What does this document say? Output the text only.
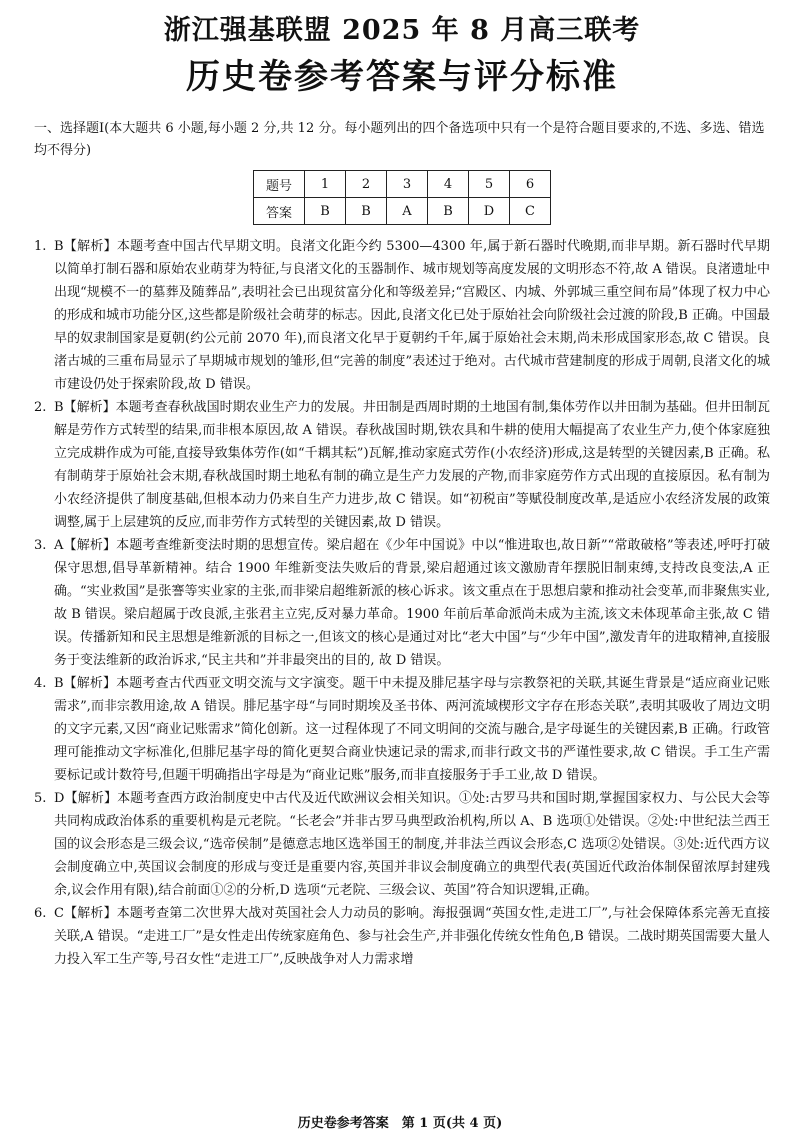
浙江强基联盟 2025 年 8 月高三联考
历史卷参考答案与评分标准
一、选择题Ⅰ(本大题共 6 小题,每小题 2 分,共 12 分。每小题列出的四个备选项中只有一个是符合题目要求的,不选、多选、错选均不得分)
题号	1	2	3	4	5	6
答案	B	B	A	B	D	C
1. B【解析】本题考查中国古代早期文明。良渚文化距今约 5300—4300 年,属于新石器时代晚期,而非早期。新石器时代早期以简单打制石器和原始农业萌芽为特征,与良渚文化的玉器制作、城市规划等高度发展的文明形态不符,故 A 错误。良渚遗址中出现“规模不一的墓葬及随葬品”,表明社会已出现贫富分化和等级差异;“宫殿区、内城、外郭城三重空间布局”体现了权力中心的形成和城市功能分区,这些都是阶级社会萌芽的标志。因此,良渚文化已处于原始社会向阶级社会过渡的阶段,B 正确。中国最早的奴隶制国家是夏朝(约公元前 2070 年),而良渚文化早于夏朝约千年,属于原始社会末期,尚未形成国家形态,故 C 错误。良渚古城的三重布局显示了早期城市规划的雏形,但“完善的制度”表述过于绝对。古代城市营建制度的形成于周朝,良渚文化的城市建设仍处于探索阶段,故 D 错误。
2. B【解析】本题考查春秋战国时期农业生产力的发展。井田制是西周时期的土地国有制,集体劳作以井田制为基础。但井田制瓦解是劳作方式转型的结果,而非根本原因,故 A 错误。春秋战国时期,铁农具和牛耕的使用大幅提高了农业生产力,使个体家庭独立完成耕作成为可能,直接导致集体劳作(如“千耦其耘”)瓦解,推动家庭式劳作(小农经济)形成,这是转型的关键因素,B 正确。私有制萌芽于原始社会末期,春秋战国时期土地私有制的确立是生产力发展的产物,而非家庭劳作方式出现的直接原因。私有制为小农经济提供了制度基础,但根本动力仍来自生产力进步,故 C 错误。如“初税亩”等赋役制度改革,是适应小农经济发展的政策调整,属于上层建筑的反应,而非劳作方式转型的关键因素,故 D 错误。
3. A【解析】本题考查维新变法时期的思想宣传。梁启超在《少年中国说》中以“惟进取也,故日新”“常敢破格”等表述,呼吁打破保守思想,倡导革新精神。结合 1900 年维新变法失败后的背景,梁启超通过该文激励青年摆脱旧制束缚,支持改良变法,A 正确。“实业救国”是张謇等实业家的主张,而非梁启超维新派的核心诉求。该文重点在于思想启蒙和推动社会变革,而非聚焦实业,故 B 错误。梁启超属于改良派,主张君主立宪,反对暴力革命。1900 年前后革命派尚未成为主流,该文未体现革命主张,故 C 错误。传播新知和民主思想是维新派的目标之一,但该文的核心是通过对比“老大中国”与“少年中国”,激发青年的进取精神,直接服务于变法维新的政治诉求,“民主共和”并非最突出的目的, 故 D 错误。
4. B【解析】本题考查古代西亚文明交流与文字演变。题干中未提及腓尼基字母与宗教祭祀的关联,其诞生背景是“适应商业记账需求”,而非宗教用途,故 A 错误。腓尼基字母“与同时期埃及圣书体、两河流域楔形文字存在形态关联”,表明其吸收了周边文明的文字元素,又因“商业记账需求”简化创新。这一过程体现了不同文明间的交流与融合,是字母诞生的关键因素,B 正确。行政管理可能推动文字标准化,但腓尼基字母的简化更契合商业快速记录的需求,而非行政文书的严谨性要求,故 C 错误。手工生产需要标记或计数符号,但题干明确指出字母是为“商业记账”服务,而非直接服务于手工业,故 D 错误。
5. D【解析】本题考查西方政治制度史中古代及近代欧洲议会相关知识。①处:古罗马共和国时期,掌握国家权力、与公民大会等共同构成政治体系的重要机构是元老院。“长老会”并非古罗马典型政治机构,所以 A、B 选项①处错误。②处:中世纪法兰西王国的议会形态是三级会议,“选帝侯制”是德意志地区选举国王的制度,并非法兰西议会形态,C 选项②处错误。③处:近代西方议会制度确立中,英国议会制度的形成与变迁是重要内容,英国并非议会制度确立的典型代表(英国近代政治体制保留浓厚封建残余,议会作用有限),结合前面①②的分析,D 选项“元老院、三级会议、英国”符合知识逻辑,正确。
6. C【解析】本题考查第二次世界大战对英国社会人力动员的影响。海报强调“英国女性,走进工厂”,与社会保障体系完善无直接关联,A 错误。“走进工厂”是女性走出传统家庭角色、参与社会生产,并非强化传统女性角色,B 错误。二战时期英国需要大量人力投入军工生产等,号召女性“走进工厂”,反映战争对人力需求增
历史卷参考答案　第 1 页(共 4 页)
